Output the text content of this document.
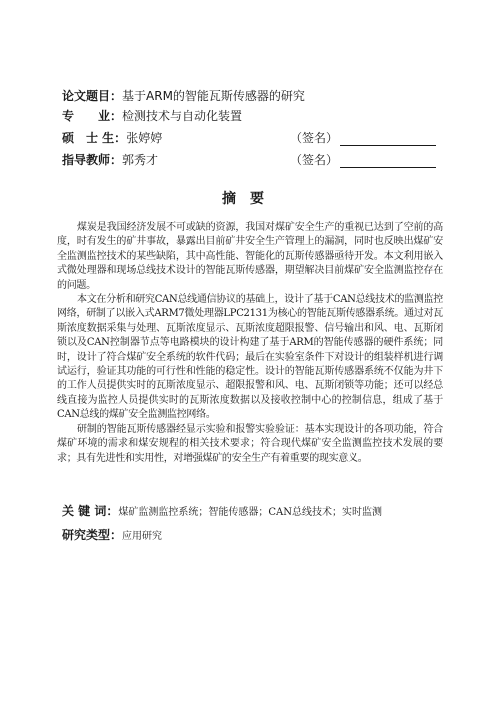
论文题目：基于ARM的智能瓦斯传感器的研究
专　　业：检测技术与自动化装置
硕　士 生：张婷婷	（签名）
指导教师：郭秀才	（签名）
摘要

煤炭是我国经济发展不可或缺的资源，我国对煤矿安全生产的重视已达到了空前的高度，时有发生的矿井事故，暴露出目前矿井安全生产管理上的漏洞，同时也反映出煤矿安全监测监控技术的某些缺陷，其中高性能、智能化的瓦斯传感器亟待开发。本文利用嵌入式微处理器和现场总线技术设计的智能瓦斯传感器，期望解决目前煤矿安全监测监控存在的问题。

本文在分析和研究CAN总线通信协议的基础上，设计了基于CAN总线技术的监测监控网络，研制了以嵌入式ARM7微处理器LPC2131为核心的智能瓦斯传感器系统。通过对瓦斯浓度数据采集与处理、瓦斯浓度显示、瓦斯浓度超限报警、信号输出和风、电、瓦斯闭锁以及CAN控制器节点等电路模块的设计构建了基于ARM的智能传感器的硬件系统；同时，设计了符合煤矿安全系统的软件代码；最后在实验室条件下对设计的组装样机进行调试运行，验证其功能的可行性和性能的稳定性。设计的智能瓦斯传感器系统不仅能为井下的工作人员提供实时的瓦斯浓度显示、超限报警和风、电、瓦斯闭锁等功能；还可以经总线直接为监控人员提供实时的瓦斯浓度数据以及接收控制中心的控制信息，组成了基于CAN总线的煤矿安全监测监控网络。

研制的智能瓦斯传感器经显示实验和报警实验验证：基本实现设计的各项功能，符合煤矿环境的需求和煤安规程的相关技术要求；符合现代煤矿安全监测监控技术发展的要求；具有先进性和实用性，对增强煤矿的安全生产有着重要的现实意义。

关 键 词：煤矿监测监控系统；智能传感器；CAN总线技术；实时监测
研究类型：应用研究
